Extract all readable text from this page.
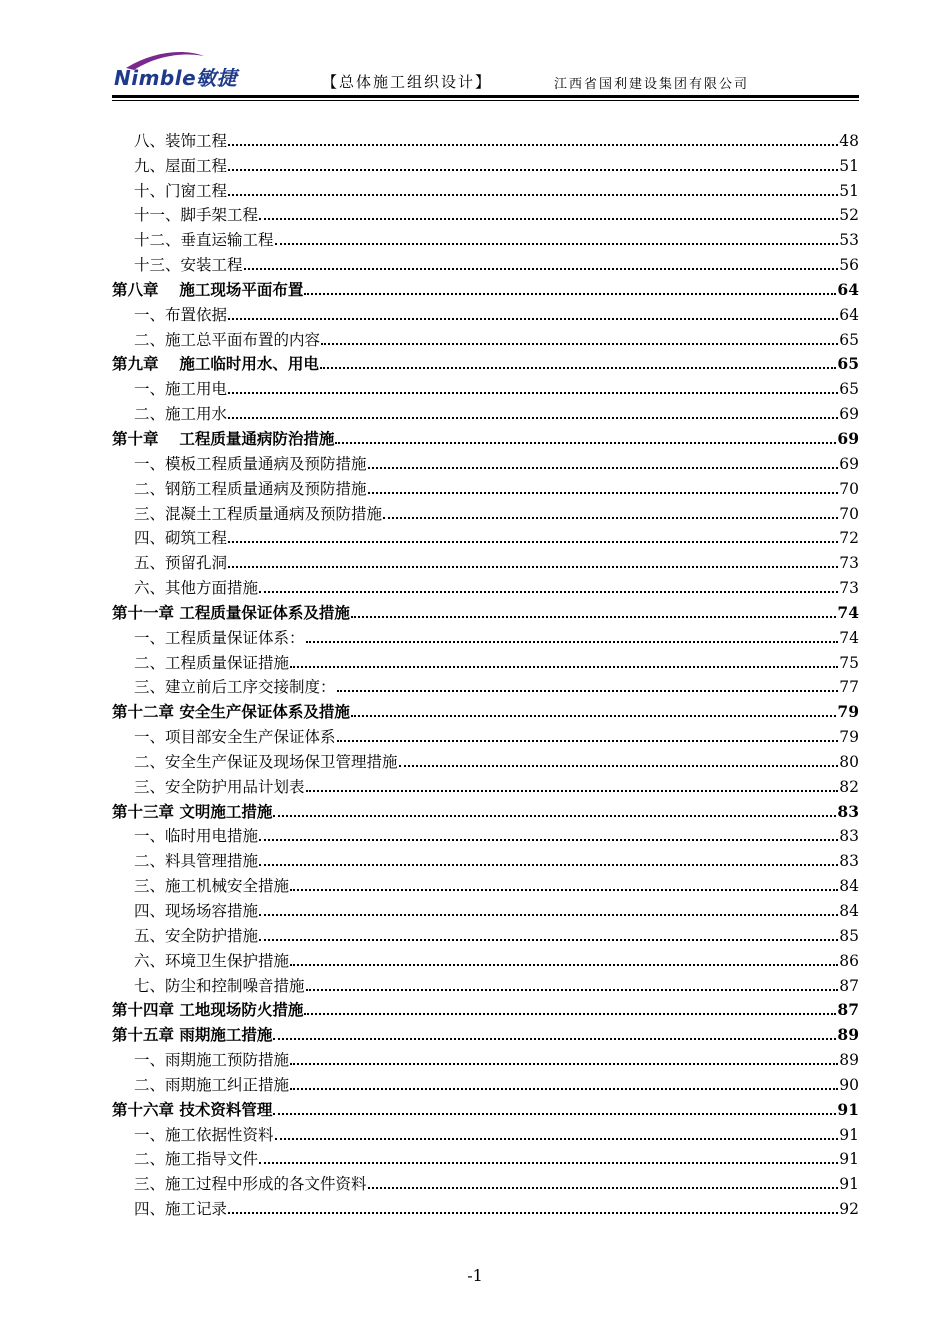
Nimble敏捷	【总体施工组织设计】	江西省国利建设集团有限公司
八、装饰工程	48
九、屋面工程	51
十、门窗工程	51
十一、脚手架工程	52
十二、垂直运输工程	53
十三、安装工程	56
第八章　 施工现场平面布置	64
一、布置依据	64
二、施工总平面布置的内容	65
第九章　 施工临时用水、用电	65
一、施工用电	65
二、施工用水	69
第十章　 工程质量通病防治措施	69
一、模板工程质量通病及预防措施	69
二、钢筋工程质量通病及预防措施	70
三、混凝土工程质量通病及预防措施	70
四、砌筑工程	72
五、预留孔洞	73
六、其他方面措施	73
第十一章 工程质量保证体系及措施	74
一、工程质量保证体系：	74
二、工程质量保证措施	75
三、建立前后工序交接制度：	77
第十二章 安全生产保证体系及措施	79
一、项目部安全生产保证体系	79
二、安全生产保证及现场保卫管理措施	80
三、安全防护用品计划表	82
第十三章 文明施工措施	83
一、临时用电措施	83
二、料具管理措施	83
三、施工机械安全措施	84
四、现场场容措施	84
五、安全防护措施	85
六、环境卫生保护措施	86
七、防尘和控制噪音措施	87
第十四章 工地现场防火措施	87
第十五章 雨期施工措施	89
一、雨期施工预防措施	89
二、雨期施工纠正措施	90
第十六章 技术资料管理	91
一、施工依据性资料	91
二、施工指导文件	91
三、施工过程中形成的各文件资料	91
四、施工记录	92
-1
